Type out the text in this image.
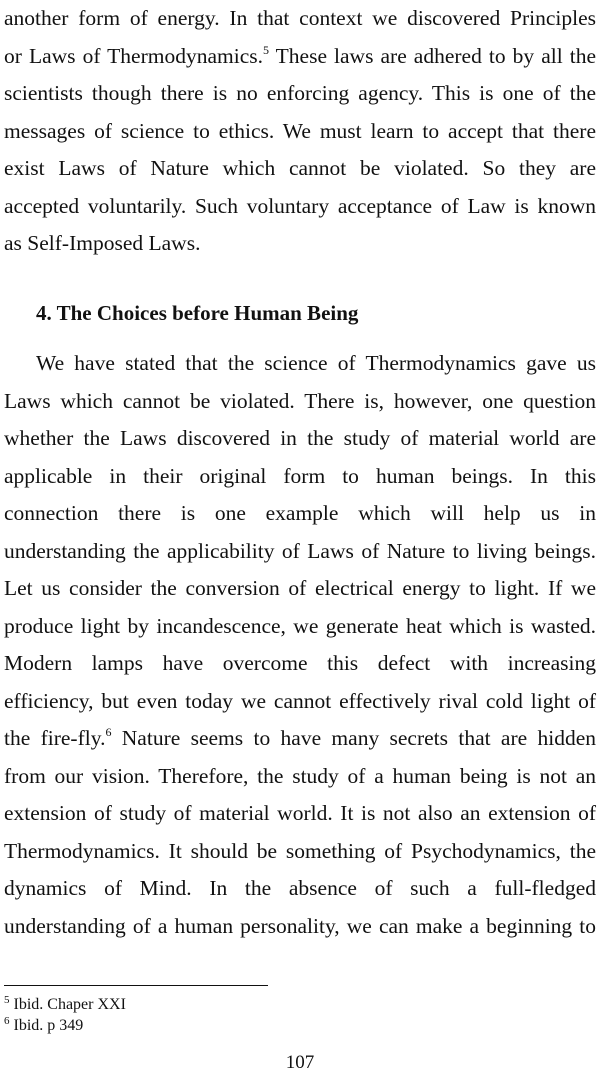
another form of energy. In that context we discovered Principles
or Laws of Thermodynamics.$^5$ These laws are adhered to by all the
scientists though there is no enforcing agency. This is one of the
messages of science to ethics. We must learn to accept that there
exist Laws of Nature which cannot be violated. So they are
accepted voluntarily. Such voluntary acceptance of Law is known
as Self-Imposed Laws.
4. The Choices before Human Being
We have stated that the science of Thermodynamics gave us
Laws which cannot be violated. There is, however, one question
whether the Laws discovered in the study of material world are
applicable in their original form to human beings. In this
connection there is one example which will help us in
understanding the applicability of Laws of Nature to living beings.
Let us consider the conversion of electrical energy to light. If we
produce light by incandescence, we generate heat which is wasted.
Modern lamps have overcome this defect with increasing
efficiency, but even today we cannot effectively rival cold light of
the fire-fly.$^6$ Nature seems to have many secrets that are hidden
from our vision. Therefore, the study of a human being is not an
extension of study of material world. It is not also an extension of
Thermodynamics. It should be something of Psychodynamics, the
dynamics of Mind. In the absence of such a full-fledged
understanding of a human personality, we can make a beginning to
$^5$ Ibid. Chaper XXI
$^6$ Ibid. p 349
107
